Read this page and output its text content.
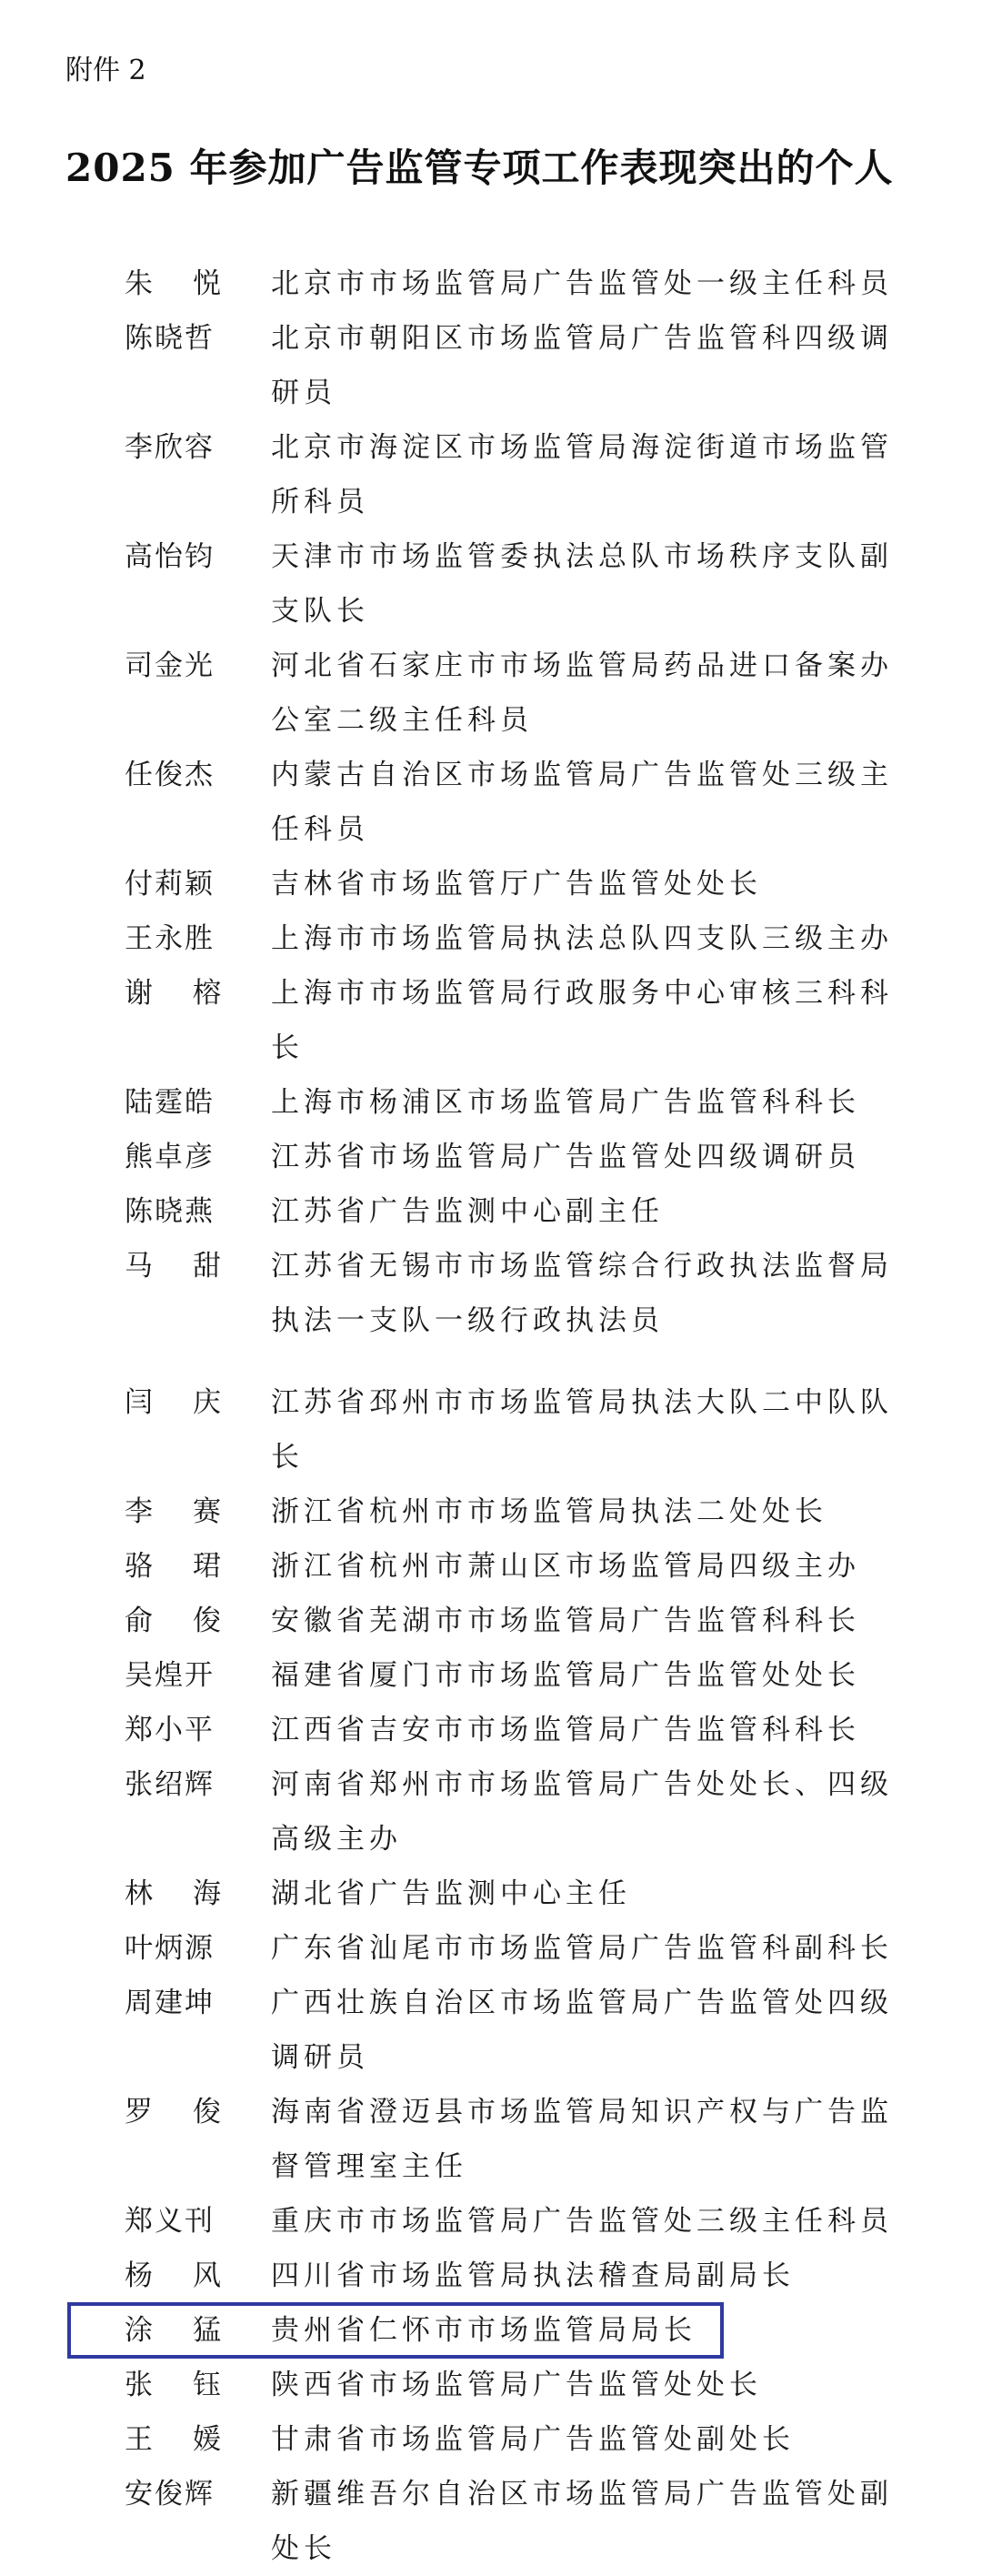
附件 2
2025 年参加广告监管专项工作表现突出的个人
朱悦 北京市市场监管局广告监管处一级主任科员
陈晓哲 北京市朝阳区市场监管局广告监管科四级调研员
李欣容 北京市海淀区市场监管局海淀街道市场监管所科员
高怡钧 天津市市场监管委执法总队市场秩序支队副支队长
司金光 河北省石家庄市市场监管局药品进口备案办公室二级主任科员
任俊杰 内蒙古自治区市场监管局广告监管处三级主任科员
付莉颖 吉林省市场监管厅广告监管处处长
王永胜 上海市市场监管局执法总队四支队三级主办
谢榕 上海市市场监管局行政服务中心审核三科科长
陆霆皓 上海市杨浦区市场监管局广告监管科科长
熊卓彦 江苏省市场监管局广告监管处四级调研员
陈晓燕 江苏省广告监测中心副主任
马甜 江苏省无锡市市场监管综合行政执法监督局执法一支队一级行政执法员
闫庆 江苏省邳州市市场监管局执法大队二中队队长
李赛 浙江省杭州市市场监管局执法二处处长
骆珺 浙江省杭州市萧山区市场监管局四级主办
俞俊 安徽省芜湖市市场监管局广告监管科科长
吴煌开 福建省厦门市市场监管局广告监管处处长
郑小平 江西省吉安市市场监管局广告监管科科长
张绍辉 河南省郑州市市场监管局广告处处长、四级高级主办
林海 湖北省广告监测中心主任
叶炳源 广东省汕尾市市场监管局广告监管科副科长
周建坤 广西壮族自治区市场监管局广告监管处四级调研员
罗俊 海南省澄迈县市场监管局知识产权与广告监督管理室主任
郑义刊 重庆市市场监管局广告监管处三级主任科员
杨风 四川省市场监管局执法稽查局副局长
涂猛 贵州省仁怀市市场监管局局长
张钰 陕西省市场监管局广告监管处处长
王媛 甘肃省市场监管局广告监管处副处长
安俊辉 新疆维吾尔自治区市场监管局广告监管处副处长
